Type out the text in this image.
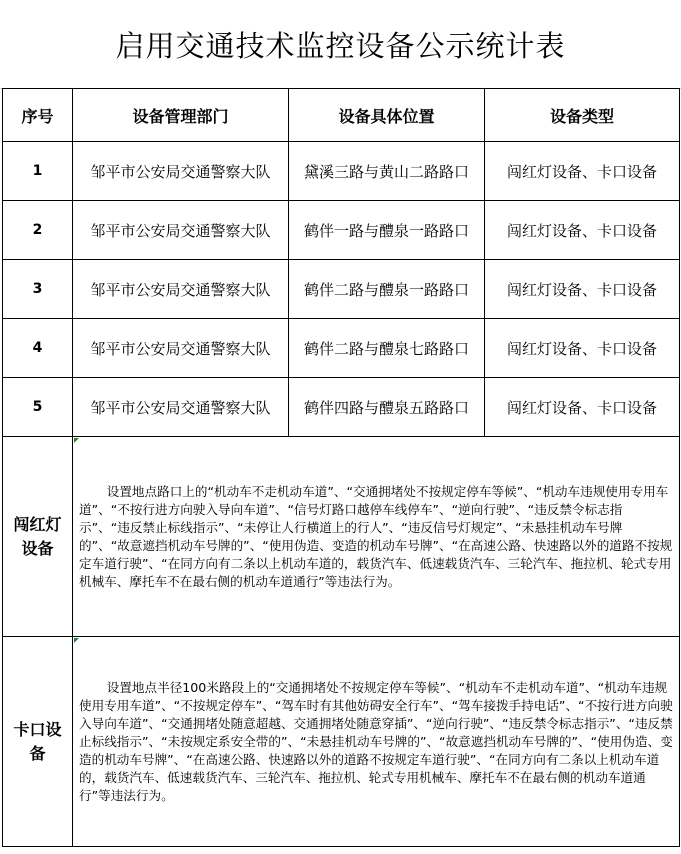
启用交通技术监控设备公示统计表
序号	设备管理部门	设备具体位置	设备类型
1	邹平市公安局交通警察大队	黛溪三路与黄山二路路口	闯红灯设备、卡口设备
2	邹平市公安局交通警察大队	鹤伴一路与醴泉一路路口	闯红灯设备、卡口设备
3	邹平市公安局交通警察大队	鹤伴二路与醴泉一路路口	闯红灯设备、卡口设备
4	邹平市公安局交通警察大队	鹤伴二路与醴泉七路路口	闯红灯设备、卡口设备
5	邹平市公安局交通警察大队	鹤伴四路与醴泉五路路口	闯红灯设备、卡口设备

闯红灯
设备	设置地点路口上的“机动车不走机动车道”、“交通拥堵处不按规定停车等候”、“机动车违规使用专用车道”、“不按行进方向驶入导向车道”、“信号灯路口越停车线停车”、“逆向行驶”、“违反禁令标志指示”、“违反禁止标线指示”、“未停让人行横道上的行人”、“违反信号灯规定”、“未悬挂机动车号牌的”、“故意遮挡机动车号牌的”、“使用伪造、变造的机动车号牌”、“在高速公路、快速路以外的道路不按规定车道行驶”、“在同方向有二条以上机动车道的，载货汽车、低速载货汽车、三轮汽车、拖拉机、轮式专用机械车、摩托车不在最右侧的机动车道通行”等违法行为。		

卡口设
备	设置地点半径100米路段上的“交通拥堵处不按规定停车等候”、“机动车不走机动车道”、“机动车违规使用专用车道”、“不按规定停车”、“驾车时有其他妨碍安全行车”、“驾车接拨手持电话”、“不按行进方向驶入导向车道”、“交通拥堵处随意超越、交通拥堵处随意穿插”、“逆向行驶”、“违反禁令标志指示”、“违反禁止标线指示”、“未按规定系安全带的”、“未悬挂机动车号牌的”、“故意遮挡机动车号牌的”、“使用伪造、变造的机动车号牌”、“在高速公路、快速路以外的道路不按规定车道行驶”、“在同方向有二条以上机动车道的，载货汽车、低速载货汽车、三轮汽车、拖拉机、轮式专用机械车、摩托车不在最右侧的机动车道通行”等违法行为。		
